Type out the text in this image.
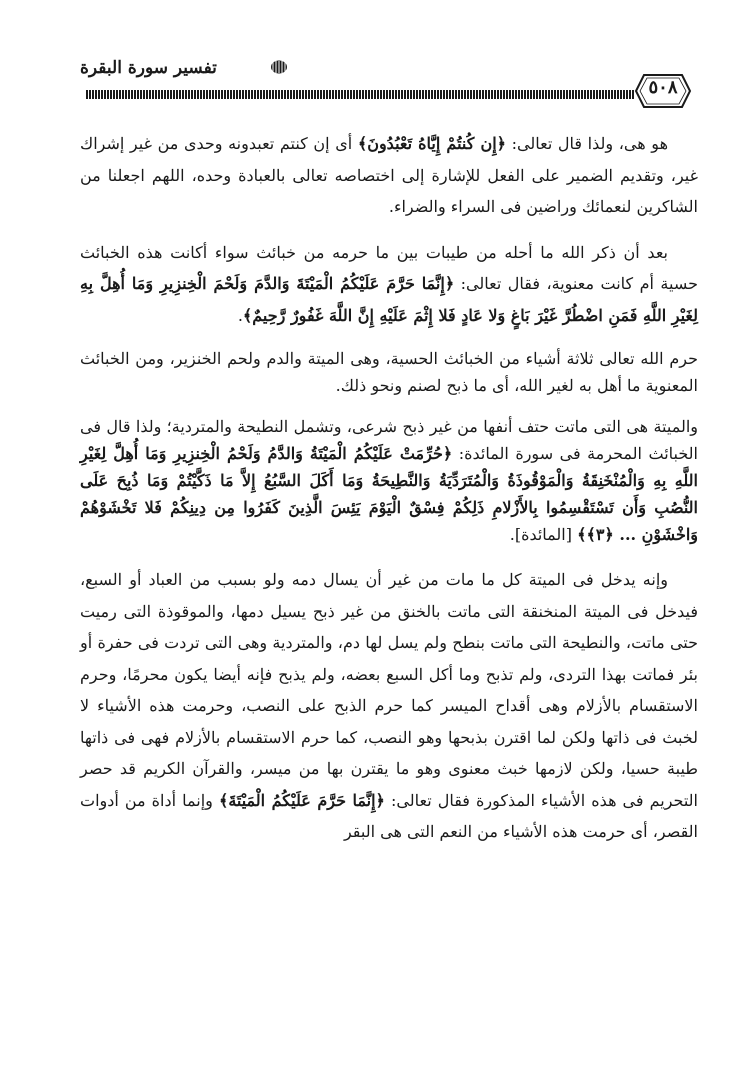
تفسير سورة البقرة
٥٠٨

هو هى، ولذا قال تعالى: ﴿إِن كُنتُمْ إِيَّاهُ تَعْبُدُونَ﴾ أى إن كنتم تعبدونه وحدى من غير إشراك غير، وتقديم الضمير على الفعل للإشارة إلى اختصاصه تعالى بالعبادة وحده، اللهم اجعلنا من الشاكرين لنعمائك وراضين فى السراء والضراء.

بعد أن ذكر الله ما أحله من طيبات بين ما حرمه من خبائث سواء أكانت هذه الخبائث حسية أم كانت معنوية، فقال تعالى: ﴿إِنَّمَا حَرَّمَ عَلَيْكُمُ الْمَيْتَةَ وَالدَّمَ وَلَحْمَ الْخِنزِيرِ وَمَا أُهِلَّ بِهِ لِغَيْرِ اللَّهِ فَمَنِ اضْطُرَّ غَيْرَ بَاغٍ وَلا عَادٍ فَلا إِثْمَ عَلَيْهِ إِنَّ اللَّهَ غَفُورٌ رَّحِيمٌ﴾.

حرم الله تعالى ثلاثة أشياء من الخبائث الحسية، وهى الميتة والدم ولحم الخنزير، ومن الخبائث المعنوية ما أهل به لغير الله، أى ما ذبح لصنم ونحو ذلك.

والميتة هى التى ماتت حتف أنفها من غير ذبح شرعى، وتشمل النطيحة والمتردية؛ ولذا قال فى الخبائث المحرمة فى سورة المائدة: ﴿حُرِّمَتْ عَلَيْكُمُ الْمَيْتَةُ وَالدَّمُ وَلَحْمُ الْخِنزِيرِ وَمَا أُهِلَّ لِغَيْرِ اللَّهِ بِهِ وَالْمُنْخَنِقَةُ وَالْمَوْقُوذَةُ وَالْمُتَرَدِّيَةُ وَالنَّطِيحَةُ وَمَا أَكَلَ السَّبُعُ إِلاَّ مَا ذَكَّيْتُمْ وَمَا ذُبِحَ عَلَى النُّصُبِ وَأَن تَسْتَقْسِمُوا بِالأَزْلامِ ذَلِكُمْ فِسْقٌ الْيَوْمَ يَئِسَ الَّذِينَ كَفَرُوا مِن دِينِكُمْ فَلا تَخْشَوْهُمْ وَاخْشَوْنِ ... ﴿٣﴾﴾ [المائدة].

وإنه يدخل فى الميتة كل ما مات من غير أن يسال دمه ولو بسبب من العباد أو السبع، فيدخل فى الميتة المنخنقة التى ماتت بالخنق من غير ذبح يسيل دمها، والموقوذة التى رميت حتى ماتت، والنطيحة التى ماتت بنطح ولم يسل لها دم، والمتردية وهى التى تردت فى حفرة أو بئر فماتت بهذا التردى، ولم تذبح وما أكل السبع بعضه، ولم يذبح فإنه أيضا يكون محرمًا، وحرم الاستقسام بالأزلام وهى أقداح الميسر كما حرم الذبح على النصب، وحرمت هذه الأشياء لا لخبث فى ذاتها ولكن لما اقترن بذبحها وهو النصب، كما حرم الاستقسام بالأزلام فهى فى ذاتها طيبة حسيا، ولكن لازمها خبث معنوى وهو ما يقترن بها من ميسر، والقرآن الكريم قد حصر التحريم فى هذه الأشياء المذكورة فقال تعالى: ﴿إِنَّمَا حَرَّمَ عَلَيْكُمُ الْمَيْتَةَ﴾ وإنما أداة من أدوات القصر، أى حرمت هذه الأشياء من النعم التى هى البقر
